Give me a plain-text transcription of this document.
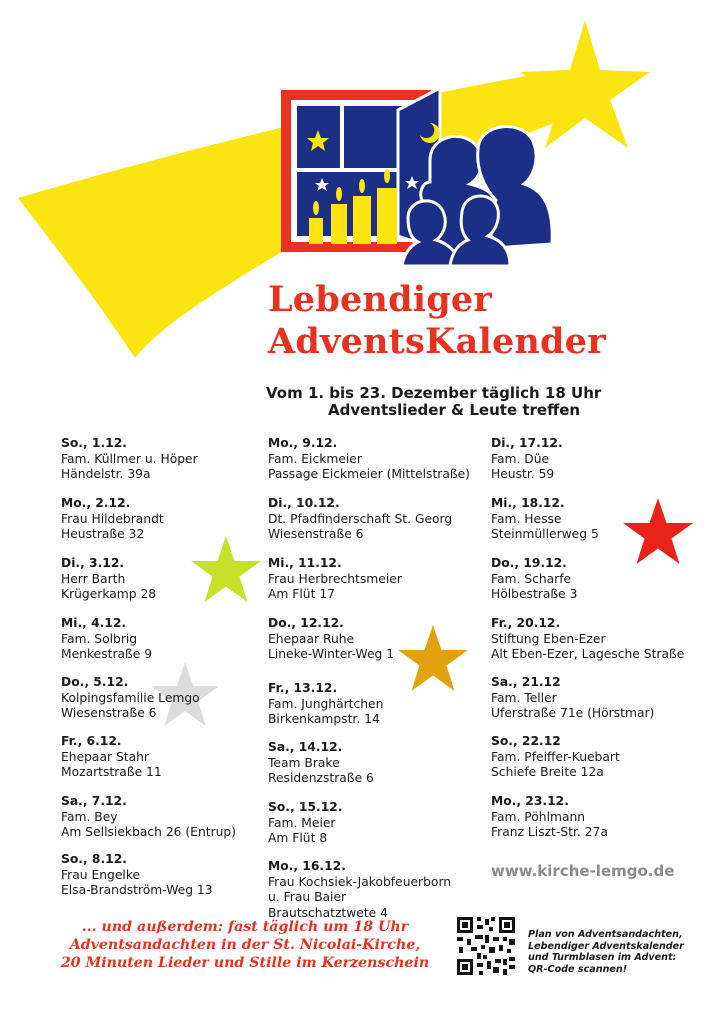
Lebendiger
AdventsKalender
Vom 1. bis 23. Dezember täglich 18 Uhr
Adventslieder & Leute treffen
So., 1.12.
Fam. Küllmer u. Höper
Händelstr. 39a
Mo., 2.12.
Frau Hildebrandt
Heustraße 32
Di., 3.12.
Herr Barth
Krügerkamp 28
Mi., 4.12.
Fam. Solbrig
Menkestraße 9
Do., 5.12.
Kolpingsfamilie Lemgo
Wiesenstraße 6
Fr., 6.12.
Ehepaar Stahr
Mozartstraße 11
Sa., 7.12.
Fam. Bey
Am Sellsiekbach 26 (Entrup)
So., 8.12.
Frau Engelke
Elsa-Brandström-Weg 13
Mo., 9.12.
Fam. Eickmeier
Passage Eickmeier (Mittelstraße)
Di., 10.12.
Dt. Pfadfinderschaft St. Georg
Wiesenstraße 6
Mi., 11.12.
Frau Herbrechtsmeier
Am Flüt 17
Do., 12.12.
Ehepaar Ruhe
Lineke-Winter-Weg 1
Fr., 13.12.
Fam. Junghärtchen
Birkenkampstr. 14
Sa., 14.12.
Team Brake
Residenzstraße 6
So., 15.12.
Fam. Meier
Am Flüt 8
Mo., 16.12.
Frau Kochsiek-Jakobfeuerborn
u. Frau Baier
Brautschatztwete 4
Di., 17.12.
Fam. Düe
Heustr. 59
Mi., 18.12.
Fam. Hesse
Steinmüllerweg 5
Do., 19.12.
Fam. Scharfe
Hölbestraße 3
Fr., 20.12.
Stiftung Eben-Ezer
Alt Eben-Ezer, Lagesche Straße
Sa., 21.12
Fam. Teller
Uferstraße 71e (Hörstmar)
So., 22.12
Fam. Pfeiffer-Kuebart
Schiefe Breite 12a
Mo., 23.12.
Fam. Pöhlmann
Franz Liszt-Str. 27a
www.kirche-lemgo.de
... und außerdem: fast täglich um 18 Uhr
Adventsandachten in der St. Nicolai-Kirche,
20 Minuten Lieder und Stille im Kerzenschein
Plan von Adventsandachten,
Lebendiger Adventskalender
und Turmblasen im Advent:
QR-Code scannen!
